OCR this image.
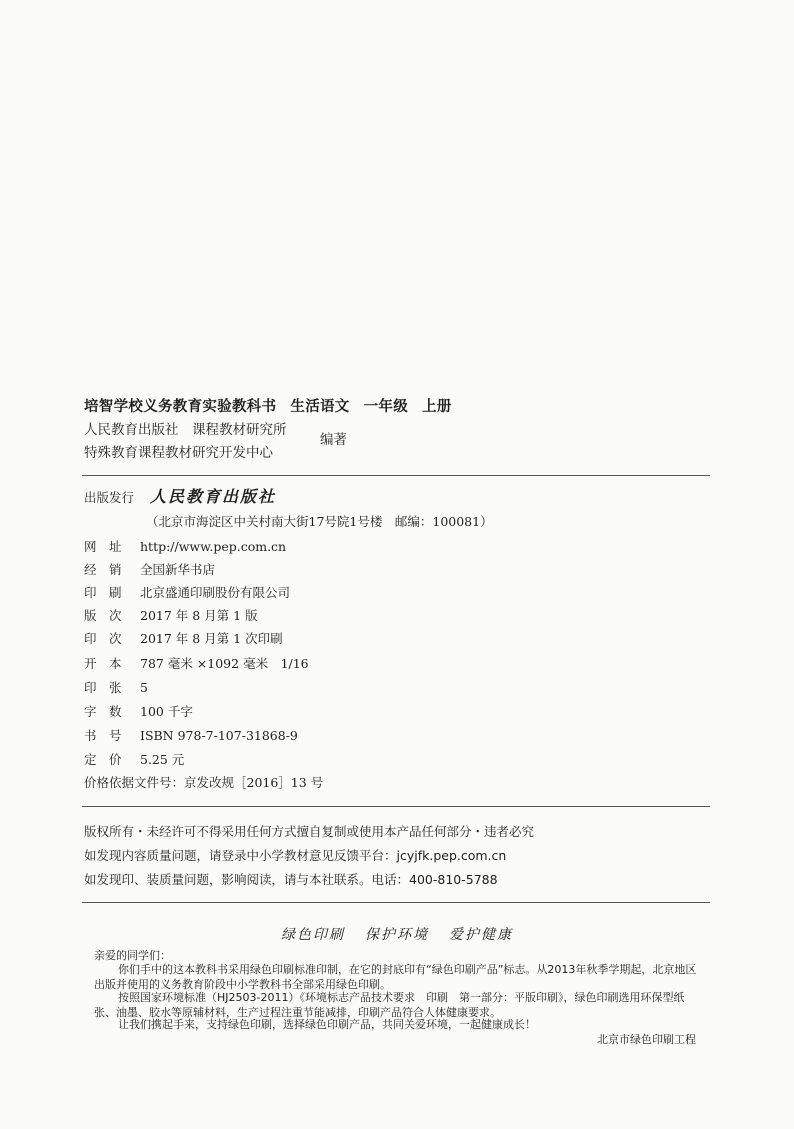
培智学校义务教育实验教科书 生活语文 一年级 上册
人民教育出版社　课程教材研究所
特殊教育课程教材研究开发中心
编著
出版发行 人民教育出版社
（北京市海淀区中关村南大街17号院1号楼　邮编：100081）
网　址 http://www.pep.com.cn
经　销 全国新华书店
印　刷 北京盛通印刷股份有限公司
版　次 2017 年 8 月第 1 版
印　次 2017 年 8 月第 1 次印刷
开　本 787 毫米 ×1092 毫米　1/16
印　张 5
字　数 100 千字
书　号 ISBN 978-7-107-31868-9
定　价 5.25 元
价格依据文件号：京发改规［2016］13 号
版权所有・未经许可不得采用任何方式擅自复制或使用本产品任何部分・违者必究
如发现内容质量问题，请登录中小学教材意见反馈平台：jcyjfk.pep.com.cn
如发现印、装质量问题，影响阅读，请与本社联系。电话：400-810-5788
绿色印刷 保护环境 爱护健康
亲爱的同学们：
你们手中的这本教科书采用绿色印刷标准印制，在它的封底印有“绿色印刷产品”标志。从2013年秋季学期起，北京地区出版并使用的义务教育阶段中小学教科书全部采用绿色印刷。
按照国家环境标准（HJ2503-2011）《环境标志产品技术要求　印刷　第一部分：平版印刷》，绿色印刷选用环保型纸张、油墨、胶水等原辅材料，生产过程注重节能减排，印刷产品符合人体健康要求。
让我们携起手来，支持绿色印刷，选择绿色印刷产品，共同关爱环境，一起健康成长！
北京市绿色印刷工程
